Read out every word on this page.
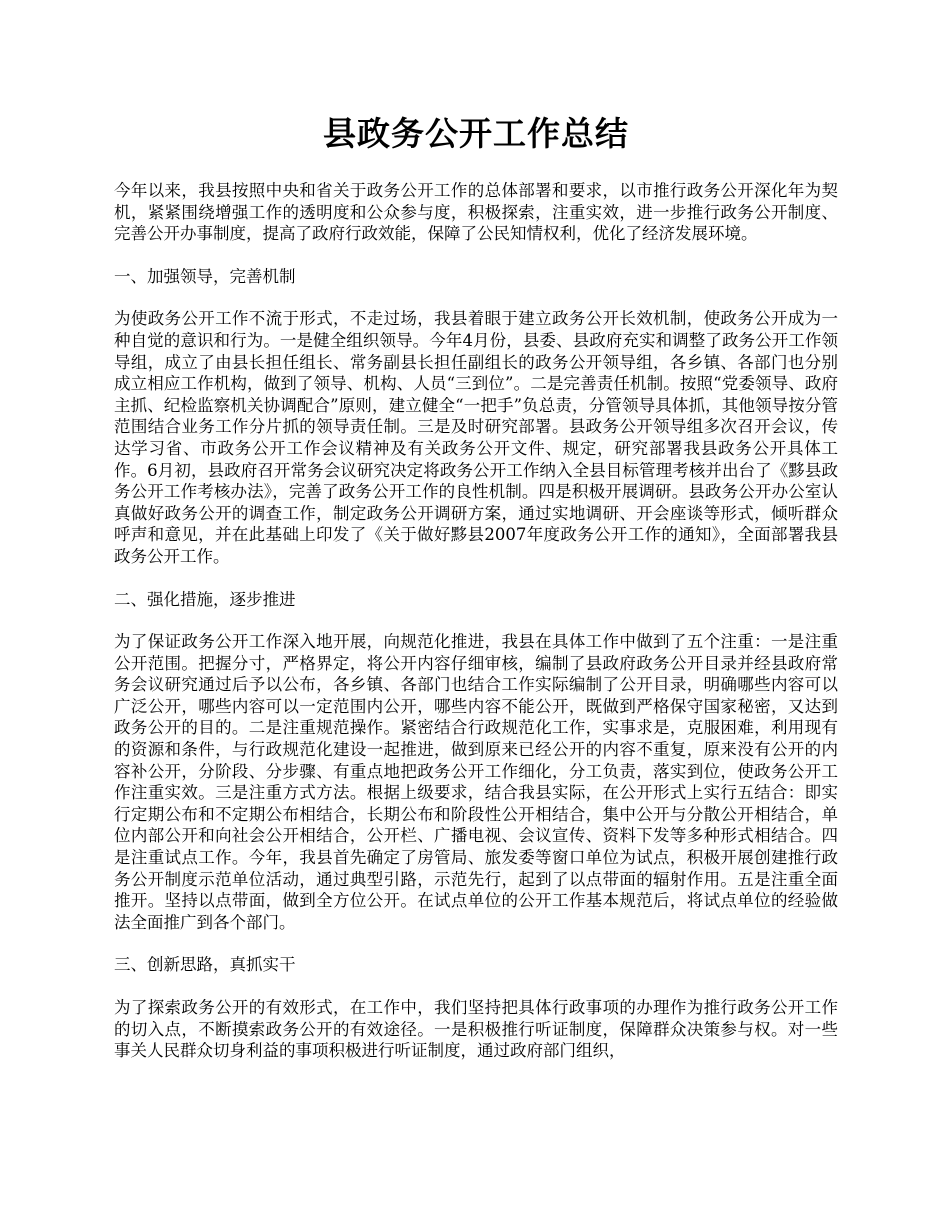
县政务公开工作总结

今年以来，我县按照中央和省关于政务公开工作的总体部署和要求，以市推行政务公开深化年为契机，紧紧围绕增强工作的透明度和公众参与度，积极探索，注重实效，进一步推行政务公开制度、完善公开办事制度，提高了政府行政效能，保障了公民知情权利，优化了经济发展环境。

一、加强领导，完善机制

为使政务公开工作不流于形式，不走过场，我县着眼于建立政务公开长效机制，使政务公开成为一种自觉的意识和行为。一是健全组织领导。今年4月份，县委、县政府充实和调整了政务公开工作领导组，成立了由县长担任组长、常务副县长担任副组长的政务公开领导组，各乡镇、各部门也分别成立相应工作机构，做到了领导、机构、人员“三到位”。二是完善责任机制。按照“党委领导、政府主抓、纪检监察机关协调配合”原则，建立健全“一把手”负总责，分管领导具体抓，其他领导按分管范围结合业务工作分片抓的领导责任制。三是及时研究部署。县政务公开领导组多次召开会议，传达学习省、市政务公开工作会议精神及有关政务公开文件、规定，研究部署我县政务公开具体工作。6月初，县政府召开常务会议研究决定将政务公开工作纳入全县目标管理考核并出台了《黟县政务公开工作考核办法》，完善了政务公开工作的良性机制。四是积极开展调研。县政务公开办公室认真做好政务公开的调查工作，制定政务公开调研方案，通过实地调研、开会座谈等形式，倾听群众呼声和意见，并在此基础上印发了《关于做好黟县2007年度政务公开工作的通知》，全面部署我县政务公开工作。

二、强化措施，逐步推进

为了保证政务公开工作深入地开展，向规范化推进，我县在具体工作中做到了五个注重：一是注重公开范围。把握分寸，严格界定，将公开内容仔细审核，编制了县政府政务公开目录并经县政府常务会议研究通过后予以公布，各乡镇、各部门也结合工作实际编制了公开目录，明确哪些内容可以广泛公开，哪些内容可以一定范围内公开，哪些内容不能公开，既做到严格保守国家秘密，又达到政务公开的目的。二是注重规范操作。紧密结合行政规范化工作，实事求是，克服困难，利用现有的资源和条件，与行政规范化建设一起推进，做到原来已经公开的内容不重复，原来没有公开的内容补公开，分阶段、分步骤、有重点地把政务公开工作细化，分工负责，落实到位，使政务公开工作注重实效。三是注重方式方法。根据上级要求，结合我县实际，在公开形式上实行五结合：即实行定期公布和不定期公布相结合，长期公布和阶段性公开相结合，集中公开与分散公开相结合，单位内部公开和向社会公开相结合，公开栏、广播电视、会议宣传、资料下发等多种形式相结合。四是注重试点工作。今年，我县首先确定了房管局、旅发委等窗口单位为试点，积极开展创建推行政务公开制度示范单位活动，通过典型引路，示范先行，起到了以点带面的辐射作用。五是注重全面推开。坚持以点带面，做到全方位公开。在试点单位的公开工作基本规范后，将试点单位的经验做法全面推广到各个部门。

三、创新思路，真抓实干

为了探索政务公开的有效形式，在工作中，我们坚持把具体行政事项的办理作为推行政务公开工作的切入点，不断摸索政务公开的有效途径。一是积极推行听证制度，保障群众决策参与权。对一些事关人民群众切身利益的事项积极进行听证制度，通过政府部门组织，
